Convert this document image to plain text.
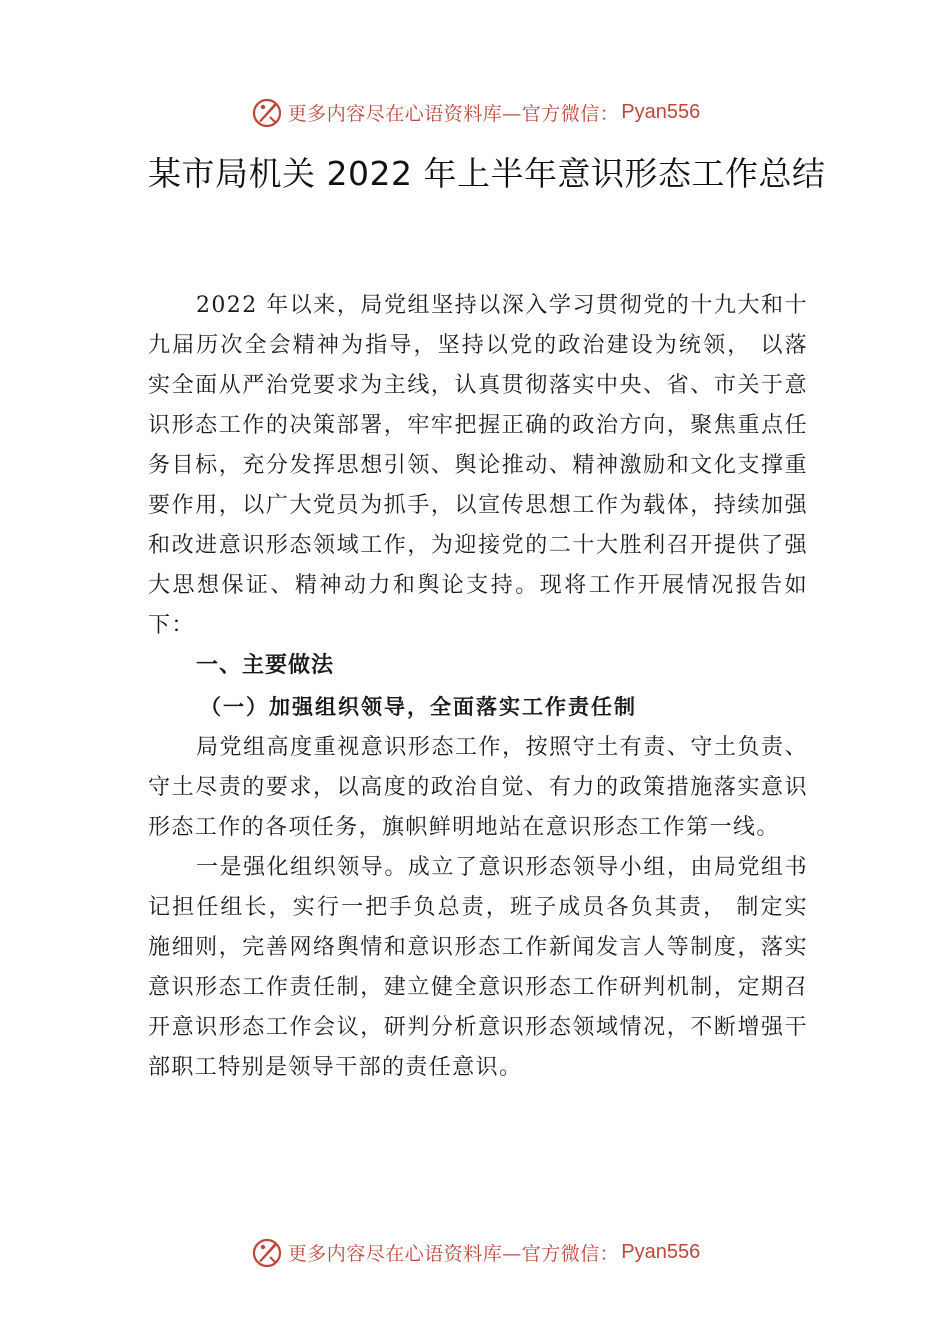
更多内容尽在心语资料库—官方微信： Pyan556
某市局机关 2022 年上半年意识形态工作总结

2022 年以来，局党组坚持以深入学习贯彻党的十九大和十九届历次全会精神为指导，坚持以党的政治建设为统领， 以落实全面从严治党要求为主线，认真贯彻落实中央、省、市关于意识形态工作的决策部署，牢牢把握正确的政治方向，聚焦重点任务目标，充分发挥思想引领、舆论推动、精神激励和文化支撑重要作用，以广大党员为抓手，以宣传思想工作为载体，持续加强和改进意识形态领域工作，为迎接党的二十大胜利召开提供了强大思想保证、精神动力和舆论支持。现将工作开展情况报告如下：

一、主要做法
（一）加强组织领导，全面落实工作责任制

局党组高度重视意识形态工作，按照守土有责、守土负责、守土尽责的要求，以高度的政治自觉、有力的政策措施落实意识形态工作的各项任务，旗帜鲜明地站在意识形态工作第一线。

一是强化组织领导。成立了意识形态领导小组，由局党组书记担任组长，实行一把手负总责，班子成员各负其责， 制定实施细则，完善网络舆情和意识形态工作新闻发言人等制度，落实意识形态工作责任制，建立健全意识形态工作研判机制，定期召开意识形态工作会议，研判分析意识形态领域情况，不断增强干部职工特别是领导干部的责任意识。

更多内容尽在心语资料库—官方微信： Pyan556
